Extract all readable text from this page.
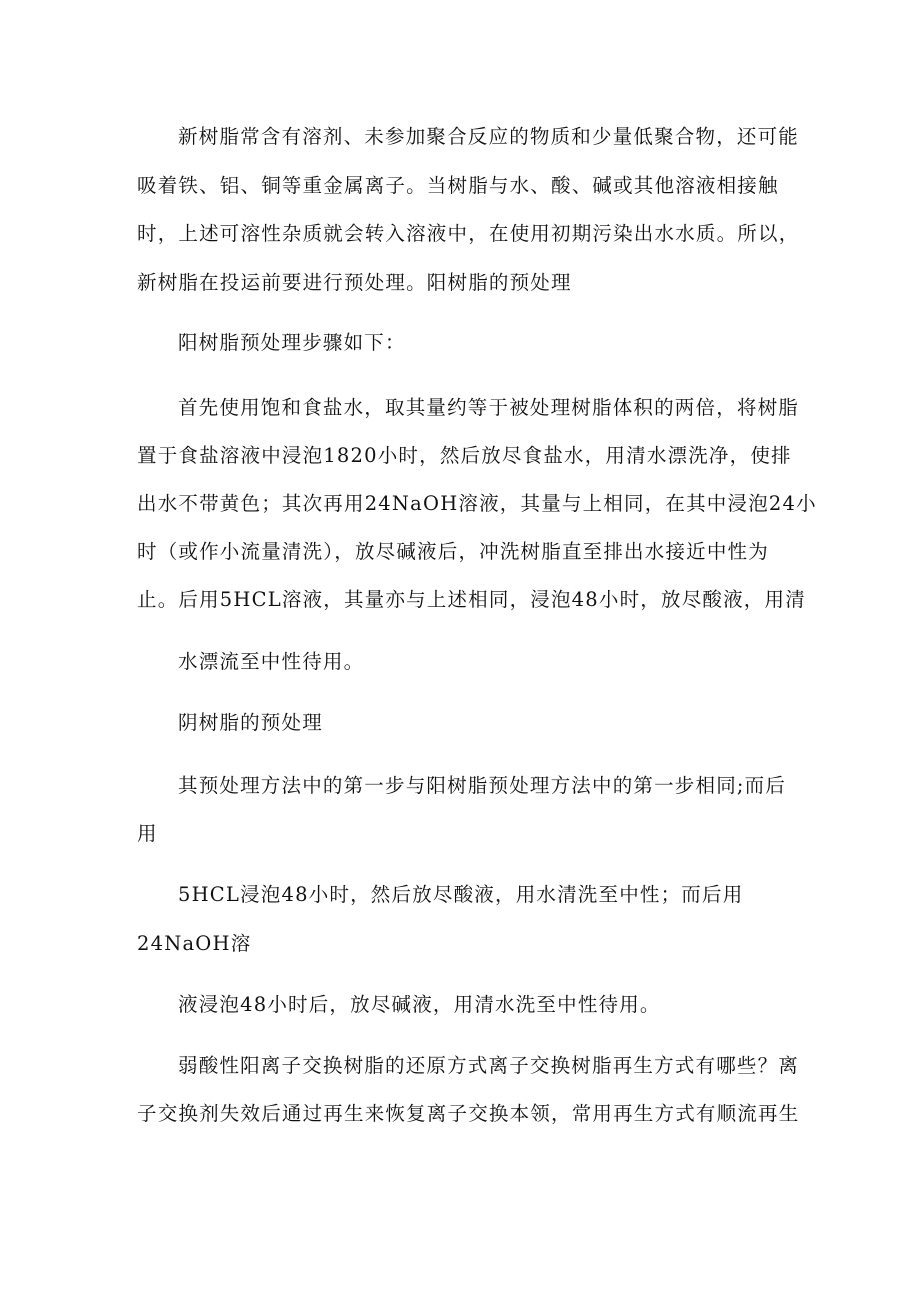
新树脂常含有溶剂、未参加聚合反应的物质和少量低聚合物，还可能
吸着铁、铝、铜等重金属离子。当树脂与水、酸、碱或其他溶液相接触
时，上述可溶性杂质就会转入溶液中，在使用初期污染出水水质。所以，
新树脂在投运前要进行预处理。阳树脂的预处理
阳树脂预处理步骤如下：
首先使用饱和食盐水，取其量约等于被处理树脂体积的两倍，将树脂
置于食盐溶液中浸泡1820小时，然后放尽食盐水，用清水漂洗净，使排
出水不带黄色；其次再用24NaOH溶液，其量与上相同，在其中浸泡24小
时（或作小流量清洗），放尽碱液后，冲洗树脂直至排出水接近中性为
止。后用5HCL溶液，其量亦与上述相同，浸泡48小时，放尽酸液，用清
水漂流至中性待用。
阴树脂的预处理
其预处理方法中的第一步与阳树脂预处理方法中的第一步相同;而后
用
5HCL浸泡48小时，然后放尽酸液，用水清洗至中性；而后用
24NaOH溶
液浸泡48小时后，放尽碱液，用清水洗至中性待用。
弱酸性阳离子交换树脂的还原方式离子交换树脂再生方式有哪些？离
子交换剂失效后通过再生来恢复离子交换本领，常用再生方式有顺流再生
